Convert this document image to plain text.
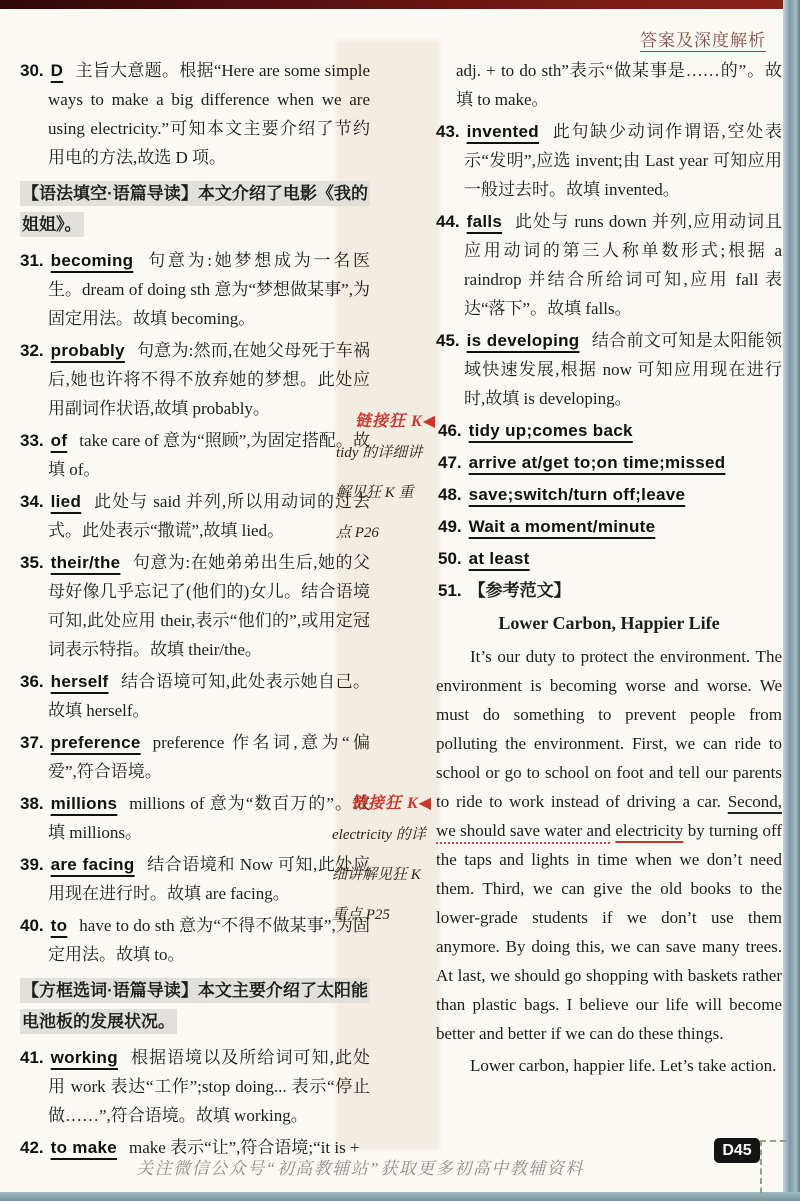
答案及深度解析

30. D 主旨大意题。根据“Here are some simple ways to make a big difference when we are using electricity.”可知本文主要介绍了节约用电的方法,故选 D 项。

【语法填空·语篇导读】本文介绍了电影《我的姐姐》。

31. becoming 句意为:她梦想成为一名医生。dream of doing sth 意为“梦想做某事”,为固定用法。故填 becoming。

32. probably 句意为:然而,在她父母死于车祸后,她也许将不得不放弃她的梦想。此处应用副词作状语,故填 probably。

33. of take care of 意为“照顾”,为固定搭配。故填 of。

34. lied 此处与 said 并列,所以用动词的过去式。此处表示“撒谎”,故填 lied。

35. their/the 句意为:在她弟弟出生后,她的父母好像几乎忘记了(他们的)女儿。结合语境可知,此处应用 their,表示“他们的”,或用定冠词表示特指。故填 their/the。

36. herself 结合语境可知,此处表示她自己。故填 herself。

37. preference preference 作名词,意为“偏爱”,符合语境。

38. millions millions of 意为“数百万的”。故填 millions。

39. are facing 结合语境和 Now 可知,此处应用现在进行时。故填 are facing。

40. to have to do sth 意为“不得不做某事”,为固定用法。故填 to。

【方框选词·语篇导读】本文主要介绍了太阳能电池板的发展状况。

41. working 根据语境以及所给词可知,此处用 work 表达“工作”;stop doing... 表示“停止做……”,符合语境。故填 working。

42. to make make 表示“让”,符合语境;“it is +

adj. + to do sth”表示“做某事是……的”。故填 to make。

43. invented 此句缺少动词作谓语,空处表示“发明”,应选 invent;由 Last year 可知应用一般过去时。故填 invented。

44. falls 此处与 runs down 并列,应用动词且应用动词的第三人称单数形式;根据 a raindrop 并结合所给词可知,应用 fall 表达“落下”。故填 falls。

45. is developing 结合前文可知是太阳能领域快速发展,根据 now 可知应用现在进行时,故填 is developing。

46. tidy up;comes back

47. arrive at/get to;on time;missed

48. save;switch/turn off;leave

49. Wait a moment/minute

50. at least

51. 【参考范文】

Lower Carbon, Happier Life

It’s our duty to protect the environment. The environment is becoming worse and worse. We must do something to prevent people from polluting the environment. First, we can ride to school or go to school on foot and tell our parents to ride to work instead of driving a car. Second, we should save water and electricity by turning off the taps and lights in time when we don’t need them. Third, we can give the old books to the lower-grade students if we don’t use them anymore. By doing this, we can save many trees. At last, we should go shopping with baskets rather than plastic bags. I believe our life will become better and better if we can do these things.

Lower carbon, happier life. Let’s take action.

链接狂 K◀
tidy 的详细讲
解见狂 K 重
点 P26
链接狂 K◀
electricity 的详
细讲解见狂 K
重点 P25
D45
关注微信公众号“初高教辅站”获取更多初高中教辅资料
